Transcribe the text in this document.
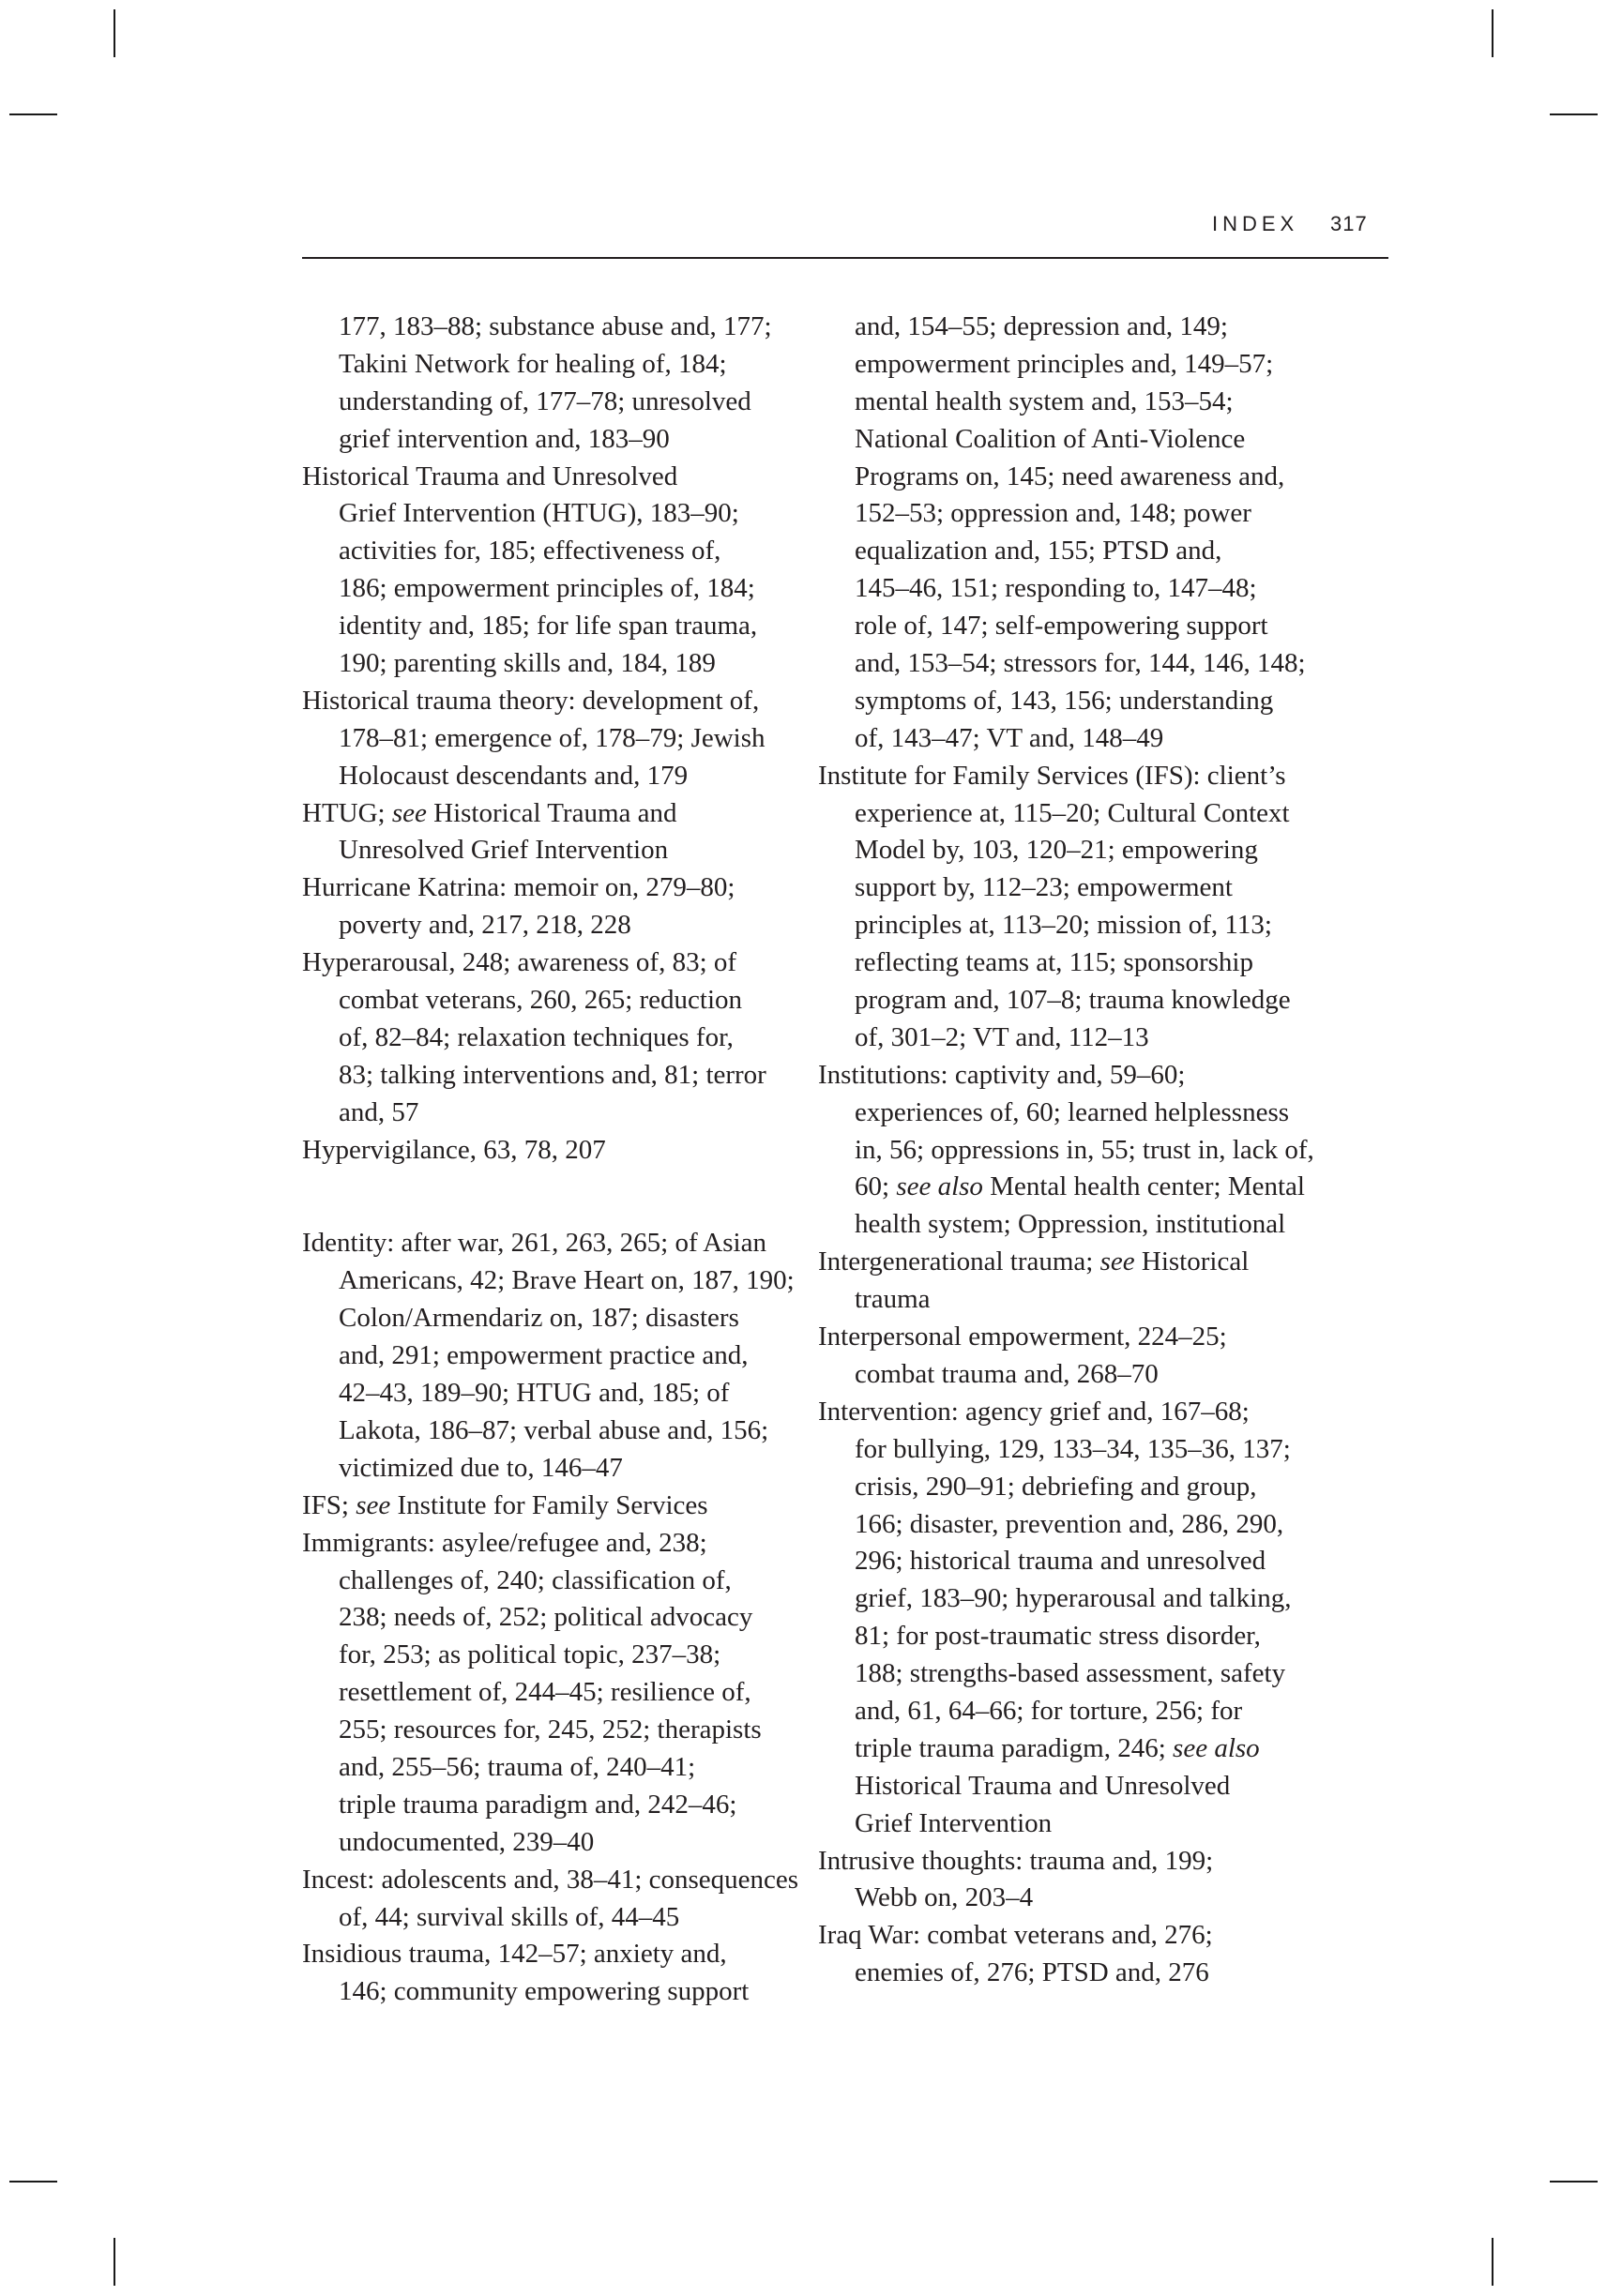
INDEX 317
177, 183–88; substance abuse and, 177;
Takini Network for healing of, 184;
understanding of, 177–78; unresolved
grief intervention and, 183–90
Historical Trauma and Unresolved
Grief Intervention (HTUG), 183–90;
activities for, 185; effectiveness of,
186; empowerment principles of, 184;
identity and, 185; for life span trauma,
190; parenting skills and, 184, 189
Historical trauma theory: development of,
178–81; emergence of, 178–79; Jewish
Holocaust descendants and, 179
HTUG; see Historical Trauma and
Unresolved Grief Intervention
Hurricane Katrina: memoir on, 279–80;
poverty and, 217, 218, 228
Hyperarousal, 248; awareness of, 83; of
combat veterans, 260, 265; reduction
of, 82–84; relaxation techniques for,
83; talking interventions and, 81; terror
and, 57
Hypervigilance, 63, 78, 207
Identity: after war, 261, 263, 265; of Asian
Americans, 42; Brave Heart on, 187, 190;
Colon/Armendariz on, 187; disasters
and, 291; empowerment practice and,
42–43, 189–90; HTUG and, 185; of
Lakota, 186–87; verbal abuse and, 156;
victimized due to, 146–47
IFS; see Institute for Family Services
Immigrants: asylee/refugee and, 238;
challenges of, 240; classification of,
238; needs of, 252; political advocacy
for, 253; as political topic, 237–38;
resettlement of, 244–45; resilience of,
255; resources for, 245, 252; therapists
and, 255–56; trauma of, 240–41;
triple trauma paradigm and, 242–46;
undocumented, 239–40
Incest: adolescents and, 38–41; consequences
of, 44; survival skills of, 44–45
Insidious trauma, 142–57; anxiety and,
146; community empowering support
and, 154–55; depression and, 149;
empowerment principles and, 149–57;
mental health system and, 153–54;
National Coalition of Anti-Violence
Programs on, 145; need awareness and,
152–53; oppression and, 148; power
equalization and, 155; PTSD and,
145–46, 151; responding to, 147–48;
role of, 147; self-empowering support
and, 153–54; stressors for, 144, 146, 148;
symptoms of, 143, 156; understanding
of, 143–47; VT and, 148–49
Institute for Family Services (IFS): client’s
experience at, 115–20; Cultural Context
Model by, 103, 120–21; empowering
support by, 112–23; empowerment
principles at, 113–20; mission of, 113;
reflecting teams at, 115; sponsorship
program and, 107–8; trauma knowledge
of, 301–2; VT and, 112–13
Institutions: captivity and, 59–60;
experiences of, 60; learned helplessness
in, 56; oppressions in, 55; trust in, lack of,
60; see also Mental health center; Mental
health system; Oppression, institutional
Intergenerational trauma; see Historical
trauma
Interpersonal empowerment, 224–25;
combat trauma and, 268–70
Intervention: agency grief and, 167–68;
for bullying, 129, 133–34, 135–36, 137;
crisis, 290–91; debriefing and group,
166; disaster, prevention and, 286, 290,
296; historical trauma and unresolved
grief, 183–90; hyperarousal and talking,
81; for post-traumatic stress disorder,
188; strengths-based assessment, safety
and, 61, 64–66; for torture, 256; for
triple trauma paradigm, 246; see also
Historical Trauma and Unresolved
Grief Intervention
Intrusive thoughts: trauma and, 199;
Webb on, 203–4
Iraq War: combat veterans and, 276;
enemies of, 276; PTSD and, 276
